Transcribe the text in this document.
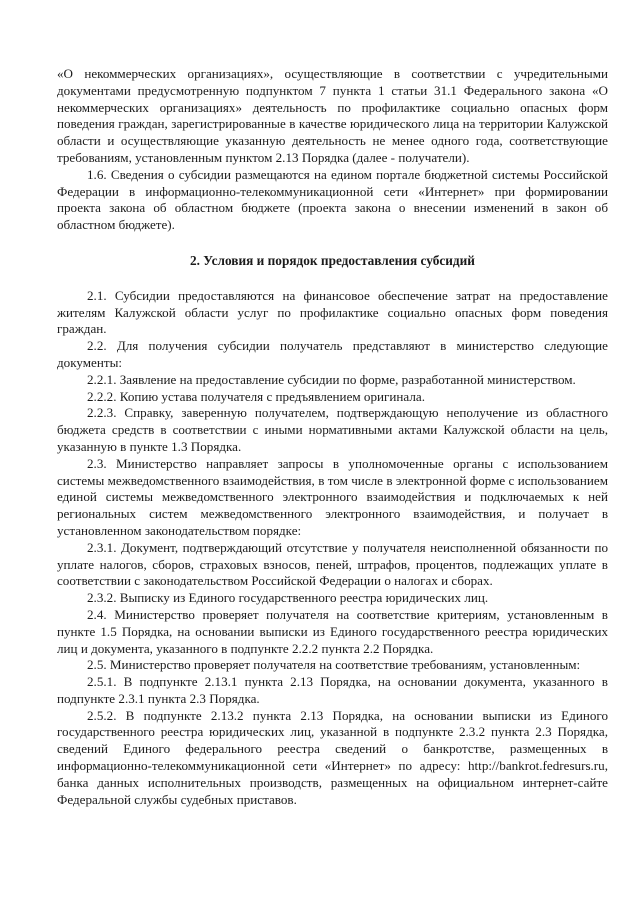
«О некоммерческих организациях», осуществляющие в соответствии с учредительными документами предусмотренную подпунктом 7 пункта 1 статьи 31.1 Федерального закона «О некоммерческих организациях» деятельность по профилактике социально опасных форм поведения граждан, зарегистрированные в качестве юридического лица на территории Калужской области и осуществляющие указанную деятельность не менее одного года, соответствующие требованиям, установленным пунктом 2.13 Порядка (далее - получатели).

1.6. Сведения о субсидии размещаются на едином портале бюджетной системы Российской Федерации в информационно-телекоммуникационной сети «Интернет» при формировании проекта закона об областном бюджете (проекта закона о внесении изменений в закон об областном бюджете).

2. Условия и порядок предоставления субсидий

2.1. Субсидии предоставляются на финансовое обеспечение затрат на предоставление жителям Калужской области услуг по профилактике социально опасных форм поведения граждан.

2.2. Для получения субсидии получатель представляют в министерство следующие документы:

2.2.1. Заявление на предоставление субсидии по форме, разработанной министерством.

2.2.2. Копию устава получателя с предъявлением оригинала.

2.2.3. Справку, заверенную получателем, подтверждающую неполучение из областного бюджета средств в соответствии с иными нормативными актами Калужской области на цель, указанную в пункте 1.3 Порядка.

2.3. Министерство направляет запросы в уполномоченные органы с использованием системы межведомственного взаимодействия, в том числе в электронной форме с использованием единой системы межведомственного электронного взаимодействия и подключаемых к ней региональных систем межведомственного электронного взаимодействия, и получает в установленном законодательством порядке:

2.3.1. Документ, подтверждающий отсутствие у получателя неисполненной обязанности по уплате налогов, сборов, страховых взносов, пеней, штрафов, процентов, подлежащих уплате в соответствии с законодательством Российской Федерации о налогах и сборах.

2.3.2. Выписку из Единого государственного реестра юридических лиц.

2.4. Министерство проверяет получателя на соответствие критериям, установленным в пункте 1.5 Порядка, на основании выписки из Единого государственного реестра юридических лиц и документа, указанного в подпункте 2.2.2 пункта 2.2 Порядка.

2.5. Министерство проверяет получателя на соответствие требованиям, установленным:

2.5.1. В подпункте 2.13.1 пункта 2.13 Порядка, на основании документа, указанного в подпункте 2.3.1 пункта 2.3 Порядка.

2.5.2. В подпункте 2.13.2 пункта 2.13 Порядка, на основании выписки из Единого государственного реестра юридических лиц, указанной в подпункте 2.3.2 пункта 2.3 Порядка, сведений Единого федерального реестра сведений о банкротстве, размещенных в информационно-телекоммуникационной сети «Интернет» по адресу: http://bankrot.fedresurs.ru, банка данных исполнительных производств, размещенных на официальном интернет-сайте Федеральной службы судебных приставов.
